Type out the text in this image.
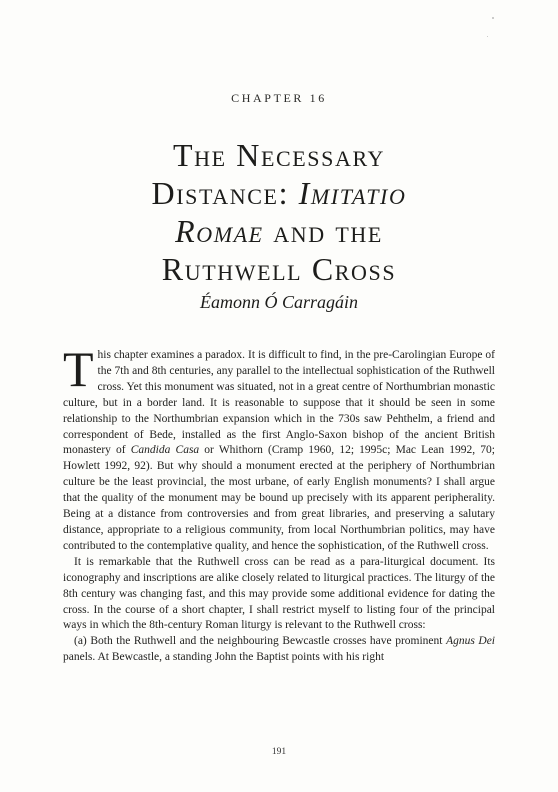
CHAPTER 16
The Necessary
Distance: Imitatio
Romae and the
Ruthwell Cross
Éamonn Ó Carragáin

This chapter examines a paradox. It is difficult to find, in the pre-Carolingian Europe of the 7th and 8th centuries, any parallel to the intellectual sophistication of the Ruthwell cross. Yet this monument was situated, not in a great centre of Northumbrian monastic culture, but in a border land. It is reasonable to suppose that it should be seen in some relationship to the Northumbrian expansion which in the 730s saw Pehthelm, a friend and correspondent of Bede, installed as the first Anglo-Saxon bishop of the ancient British monastery of Candida Casa or Whithorn (Cramp 1960, 12; 1995c; Mac Lean 1992, 70; Howlett 1992, 92). But why should a monument erected at the periphery of Northumbrian culture be the least provincial, the most urbane, of early English monuments? I shall argue that the quality of the monument may be bound up precisely with its apparent peripherality. Being at a distance from controversies and from great libraries, and preserving a salutary distance, appropriate to a religious community, from local Northumbrian politics, may have contributed to the contemplative quality, and hence the sophistication, of the Ruthwell cross.

It is remarkable that the Ruthwell cross can be read as a para-liturgical document. Its iconography and inscriptions are alike closely related to liturgical practices. The liturgy of the 8th century was changing fast, and this may provide some additional evidence for dating the cross. In the course of a short chapter, I shall restrict myself to listing four of the principal ways in which the 8th-century Roman liturgy is relevant to the Ruthwell cross:

(a) Both the Ruthwell and the neighbouring Bewcastle crosses have prominent Agnus Dei panels. At Bewcastle, a standing John the Baptist points with his right

191
